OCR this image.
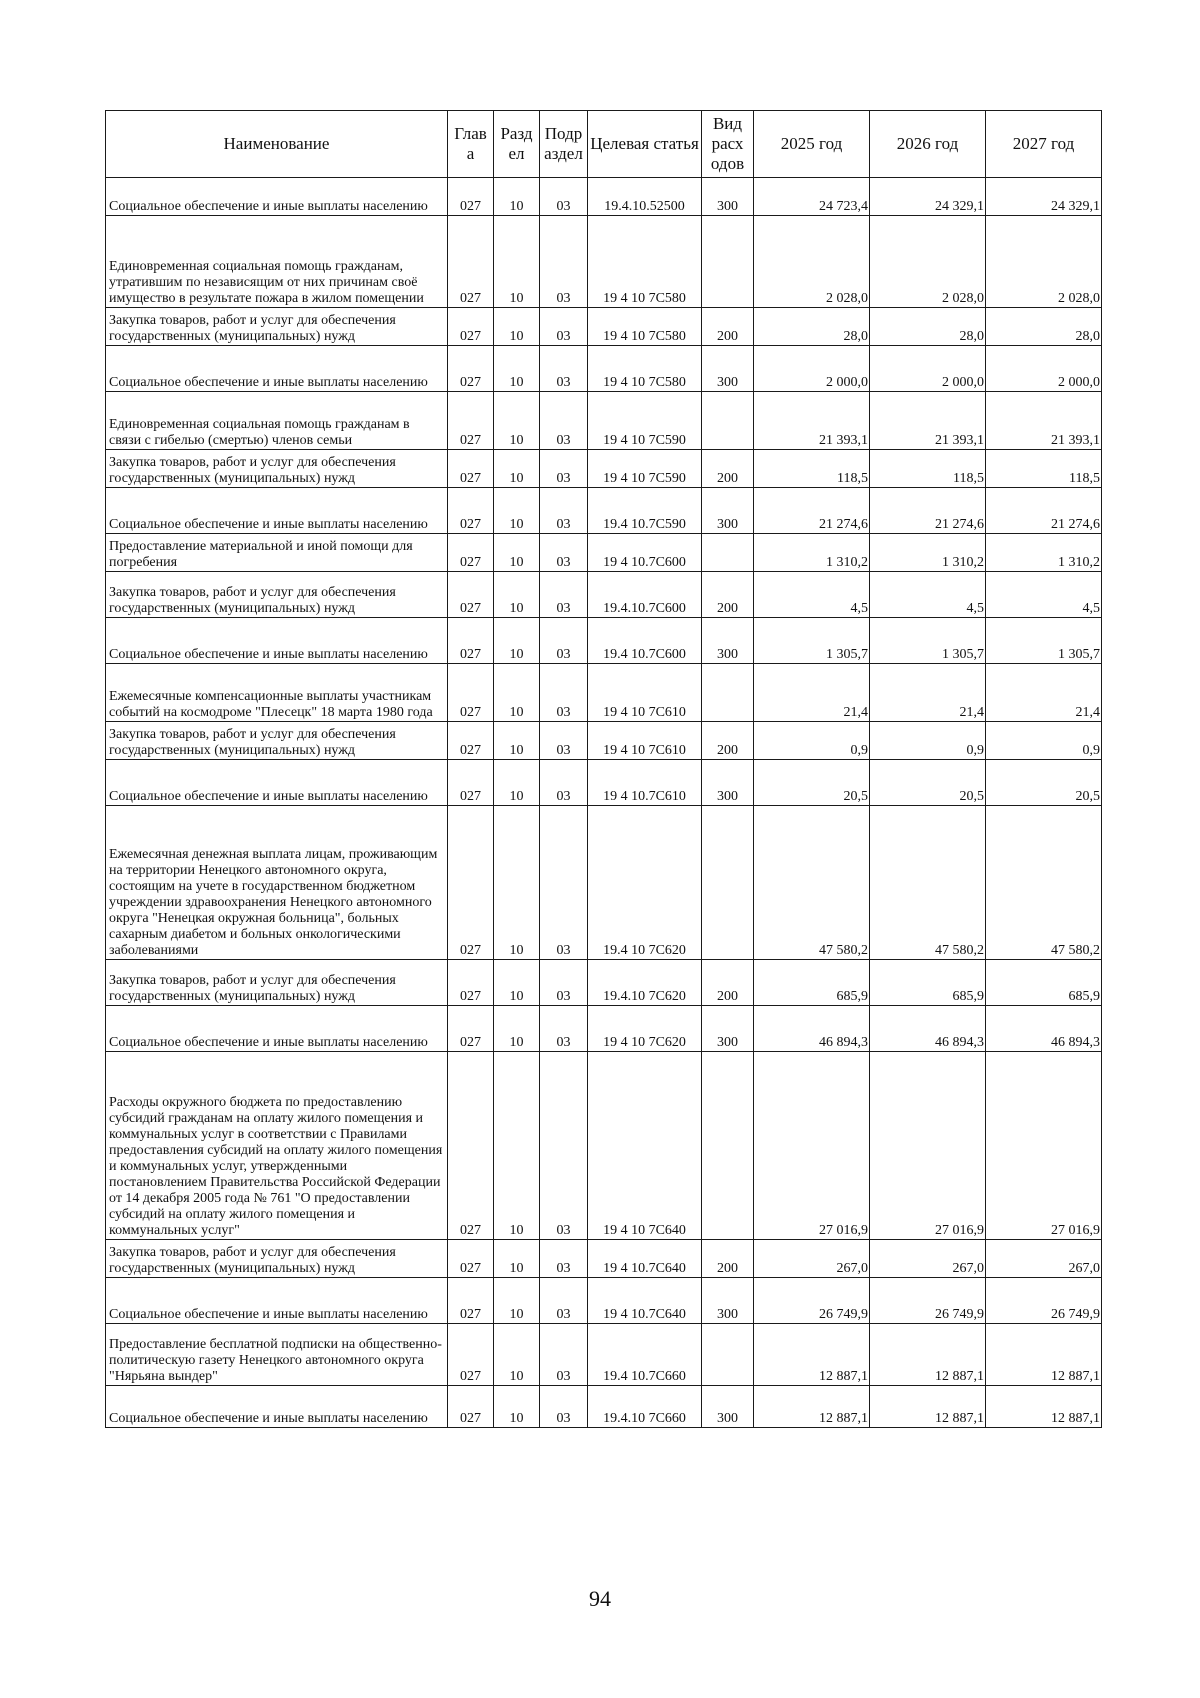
Наименование	Глав а	Разд ел	Подр аздел	Целевая статья	Вид расх одов	2025 год	2026 год	2027 год
Социальное обеспечение и иные выплаты населению	027	10	03	19.4.10.52500	300	24 723,4	24 329,1	24 329,1
Единовременная социальная помощь гражданам, утратившим по независящим от них причинам своё имущество в результате пожара в жилом помещении	027	10	03	19 4 10 7С580		2 028,0	2 028,0	2 028,0
Закупка товаров, работ и услуг для обеспечения государственных (муниципальных) нужд	027	10	03	19 4 10 7С580	200	28,0	28,0	28,0
Социальное обеспечение и иные выплаты населению	027	10	03	19 4 10 7С580	300	2 000,0	2 000,0	2 000,0
Единовременная социальная помощь гражданам в связи с гибелью (смертью) членов семьи	027	10	03	19 4 10 7С590		21 393,1	21 393,1	21 393,1
Закупка товаров, работ и услуг для обеспечения государственных (муниципальных) нужд	027	10	03	19 4 10 7С590	200	118,5	118,5	118,5
Социальное обеспечение и иные выплаты населению	027	10	03	19.4 10.7С590	300	21 274,6	21 274,6	21 274,6
Предоставление материальной и иной помощи для погребения	027	10	03	19 4 10.7С600		1 310,2	1 310,2	1 310,2
Закупка товаров, работ и услуг для обеспечения государственных (муниципальных) нужд	027	10	03	19.4.10.7С600	200	4,5	4,5	4,5
Социальное обеспечение и иные выплаты населению	027	10	03	19.4 10.7С600	300	1 305,7	1 305,7	1 305,7
Ежемесячные компенсационные выплаты участникам событий на космодроме "Плесецк" 18 марта 1980 года	027	10	03	19 4 10 7С610		21,4	21,4	21,4
Закупка товаров, работ и услуг для обеспечения государственных (муниципальных) нужд	027	10	03	19 4 10 7С610	200	0,9	0,9	0,9
Социальное обеспечение и иные выплаты населению	027	10	03	19 4 10.7С610	300	20,5	20,5	20,5
Ежемесячная денежная выплата лицам, проживающим на территории Ненецкого автономного округа, состоящим на учете в государственном бюджетном учреждении здравоохранения Ненецкого автономного округа "Ненецкая окружная больница", больных сахарным диабетом и больных онкологическими заболеваниями	027	10	03	19.4 10 7С620		47 580,2	47 580,2	47 580,2
Закупка товаров, работ и услуг для обеспечения государственных (муниципальных) нужд	027	10	03	19.4.10 7С620	200	685,9	685,9	685,9
Социальное обеспечение и иные выплаты населению	027	10	03	19 4 10 7С620	300	46 894,3	46 894,3	46 894,3
Расходы окружного бюджета по предоставлению субсидий гражданам на оплату жилого помещения и коммунальных услуг в соответствии с Правилами предоставления субсидий на оплату жилого помещения и коммунальных услуг, утвержденными постановлением Правительства Российской Федерации от 14 декабря 2005 года № 761 "О предоставлении субсидий на оплату жилого помещения и коммунальных услуг"	027	10	03	19 4 10 7С640		27 016,9	27 016,9	27 016,9
Закупка товаров, работ и услуг для обеспечения государственных (муниципальных) нужд	027	10	03	19 4 10.7С640	200	267,0	267,0	267,0
Социальное обеспечение и иные выплаты населению	027	10	03	19 4 10.7С640	300	26 749,9	26 749,9	26 749,9
Предоставление бесплатной подписки на общественно-политическую газету Ненецкого автономного округа "Нярьяна вындер"	027	10	03	19.4 10.7С660		12 887,1	12 887,1	12 887,1
Социальное обеспечение и иные выплаты населению	027	10	03	19.4.10 7С660	300	12 887,1	12 887,1	12 887,1
94
